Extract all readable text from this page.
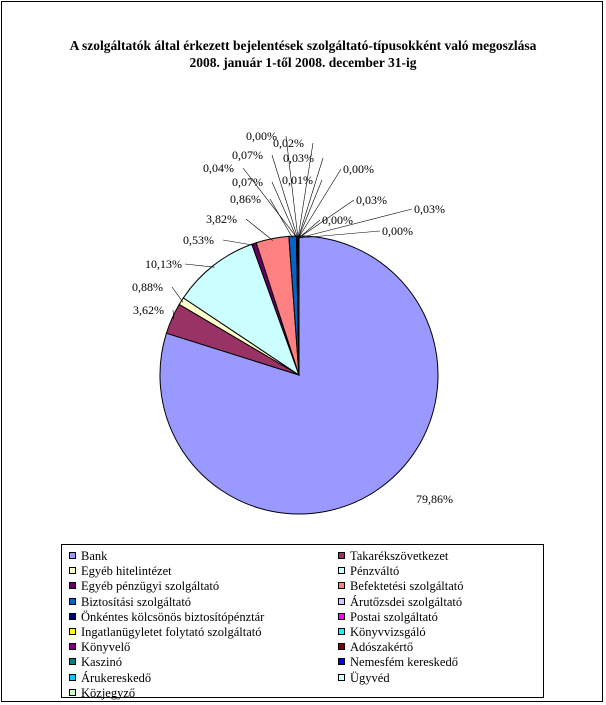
A szolgáltatók által érkezett bejelentések szolgáltató-típusokként való megoszlása
2008. január 1-től 2008. december 31-ig
79,86%
3,62%
0,88%
10,13%
0,53%
3,82%
0,86%
0,07%
0,04%
0,07%
0,00%
0,02%
0,03%
0,01%
0,00%
0,03%
0,00%
0,03%
0,00%
Bank	Takarékszövetkezet
Egyéb hitelintézet	Pénzváltó
Egyéb pénzügyi szolgáltató	Befektetési szolgáltató
Biztosítási szolgáltató	Árutőzsdei szolgáltató
Önkéntes kölcsönös biztosítópénztár	Postai szolgáltató
Ingatlanügyletet folytató szolgáltató	Könyvvizsgáló
Könyvelő	Adószakértő
Kaszinó	Nemesfém kereskedő
Árukereskedő	Ügyvéd
Közjegyző
